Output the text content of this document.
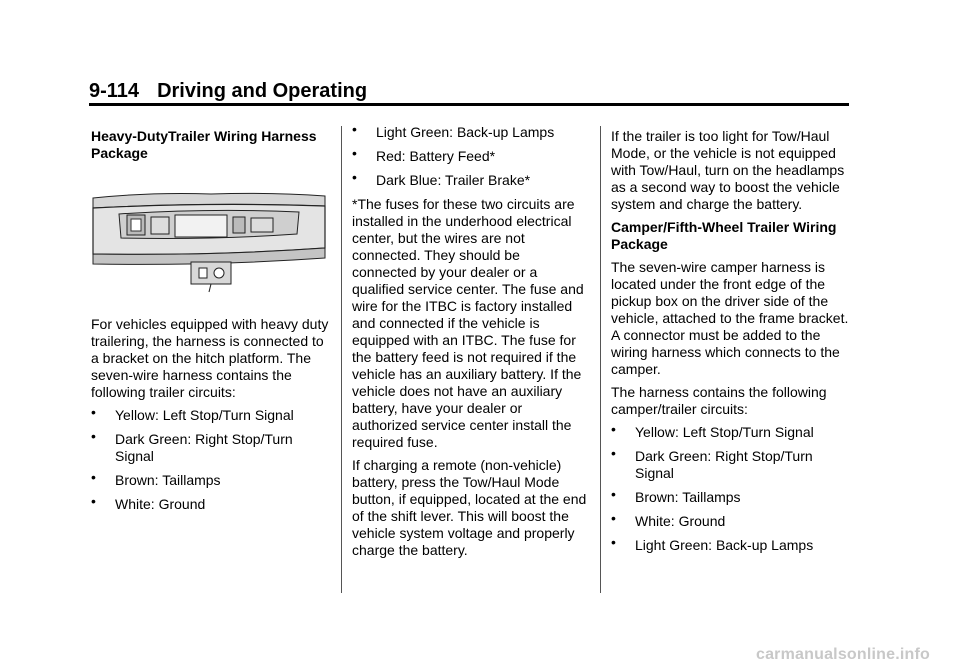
9-114 Driving and Operating

Heavy-DutyTrailer Wiring Harness Package

For vehicles equipped with heavy duty trailering, the harness is connected to a bracket on the hitch platform. The seven-wire harness contains the following trailer circuits:

• Yellow: Left Stop/Turn Signal
• Dark Green: Right Stop/Turn Signal
• Brown: Taillamps
• White: Ground
• Light Green: Back-up Lamps
• Red: Battery Feed*
• Dark Blue: Trailer Brake*

*The fuses for these two circuits are installed in the underhood electrical center, but the wires are not connected. They should be connected by your dealer or a qualified service center. The fuse and wire for the ITBC is factory installed and connected if the vehicle is equipped with an ITBC. The fuse for the battery feed is not required if the vehicle has an auxiliary battery. If the vehicle does not have an auxiliary battery, have your dealer or authorized service center install the required fuse.

If charging a remote (non-vehicle) battery, press the Tow/Haul Mode button, if equipped, located at the end of the shift lever. This will boost the vehicle system voltage and properly charge the battery.

If the trailer is too light for Tow/Haul Mode, or the vehicle is not equipped with Tow/Haul, turn on the headlamps as a second way to boost the vehicle system and charge the battery.

Camper/Fifth-Wheel Trailer Wiring Package

The seven-wire camper harness is located under the front edge of the pickup box on the driver side of the vehicle, attached to the frame bracket. A connector must be added to the wiring harness which connects to the camper.

The harness contains the following camper/trailer circuits:

• Yellow: Left Stop/Turn Signal
• Dark Green: Right Stop/Turn Signal
• Brown: Taillamps
• White: Ground
• Light Green: Back-up Lamps
carmanualsonline.info
